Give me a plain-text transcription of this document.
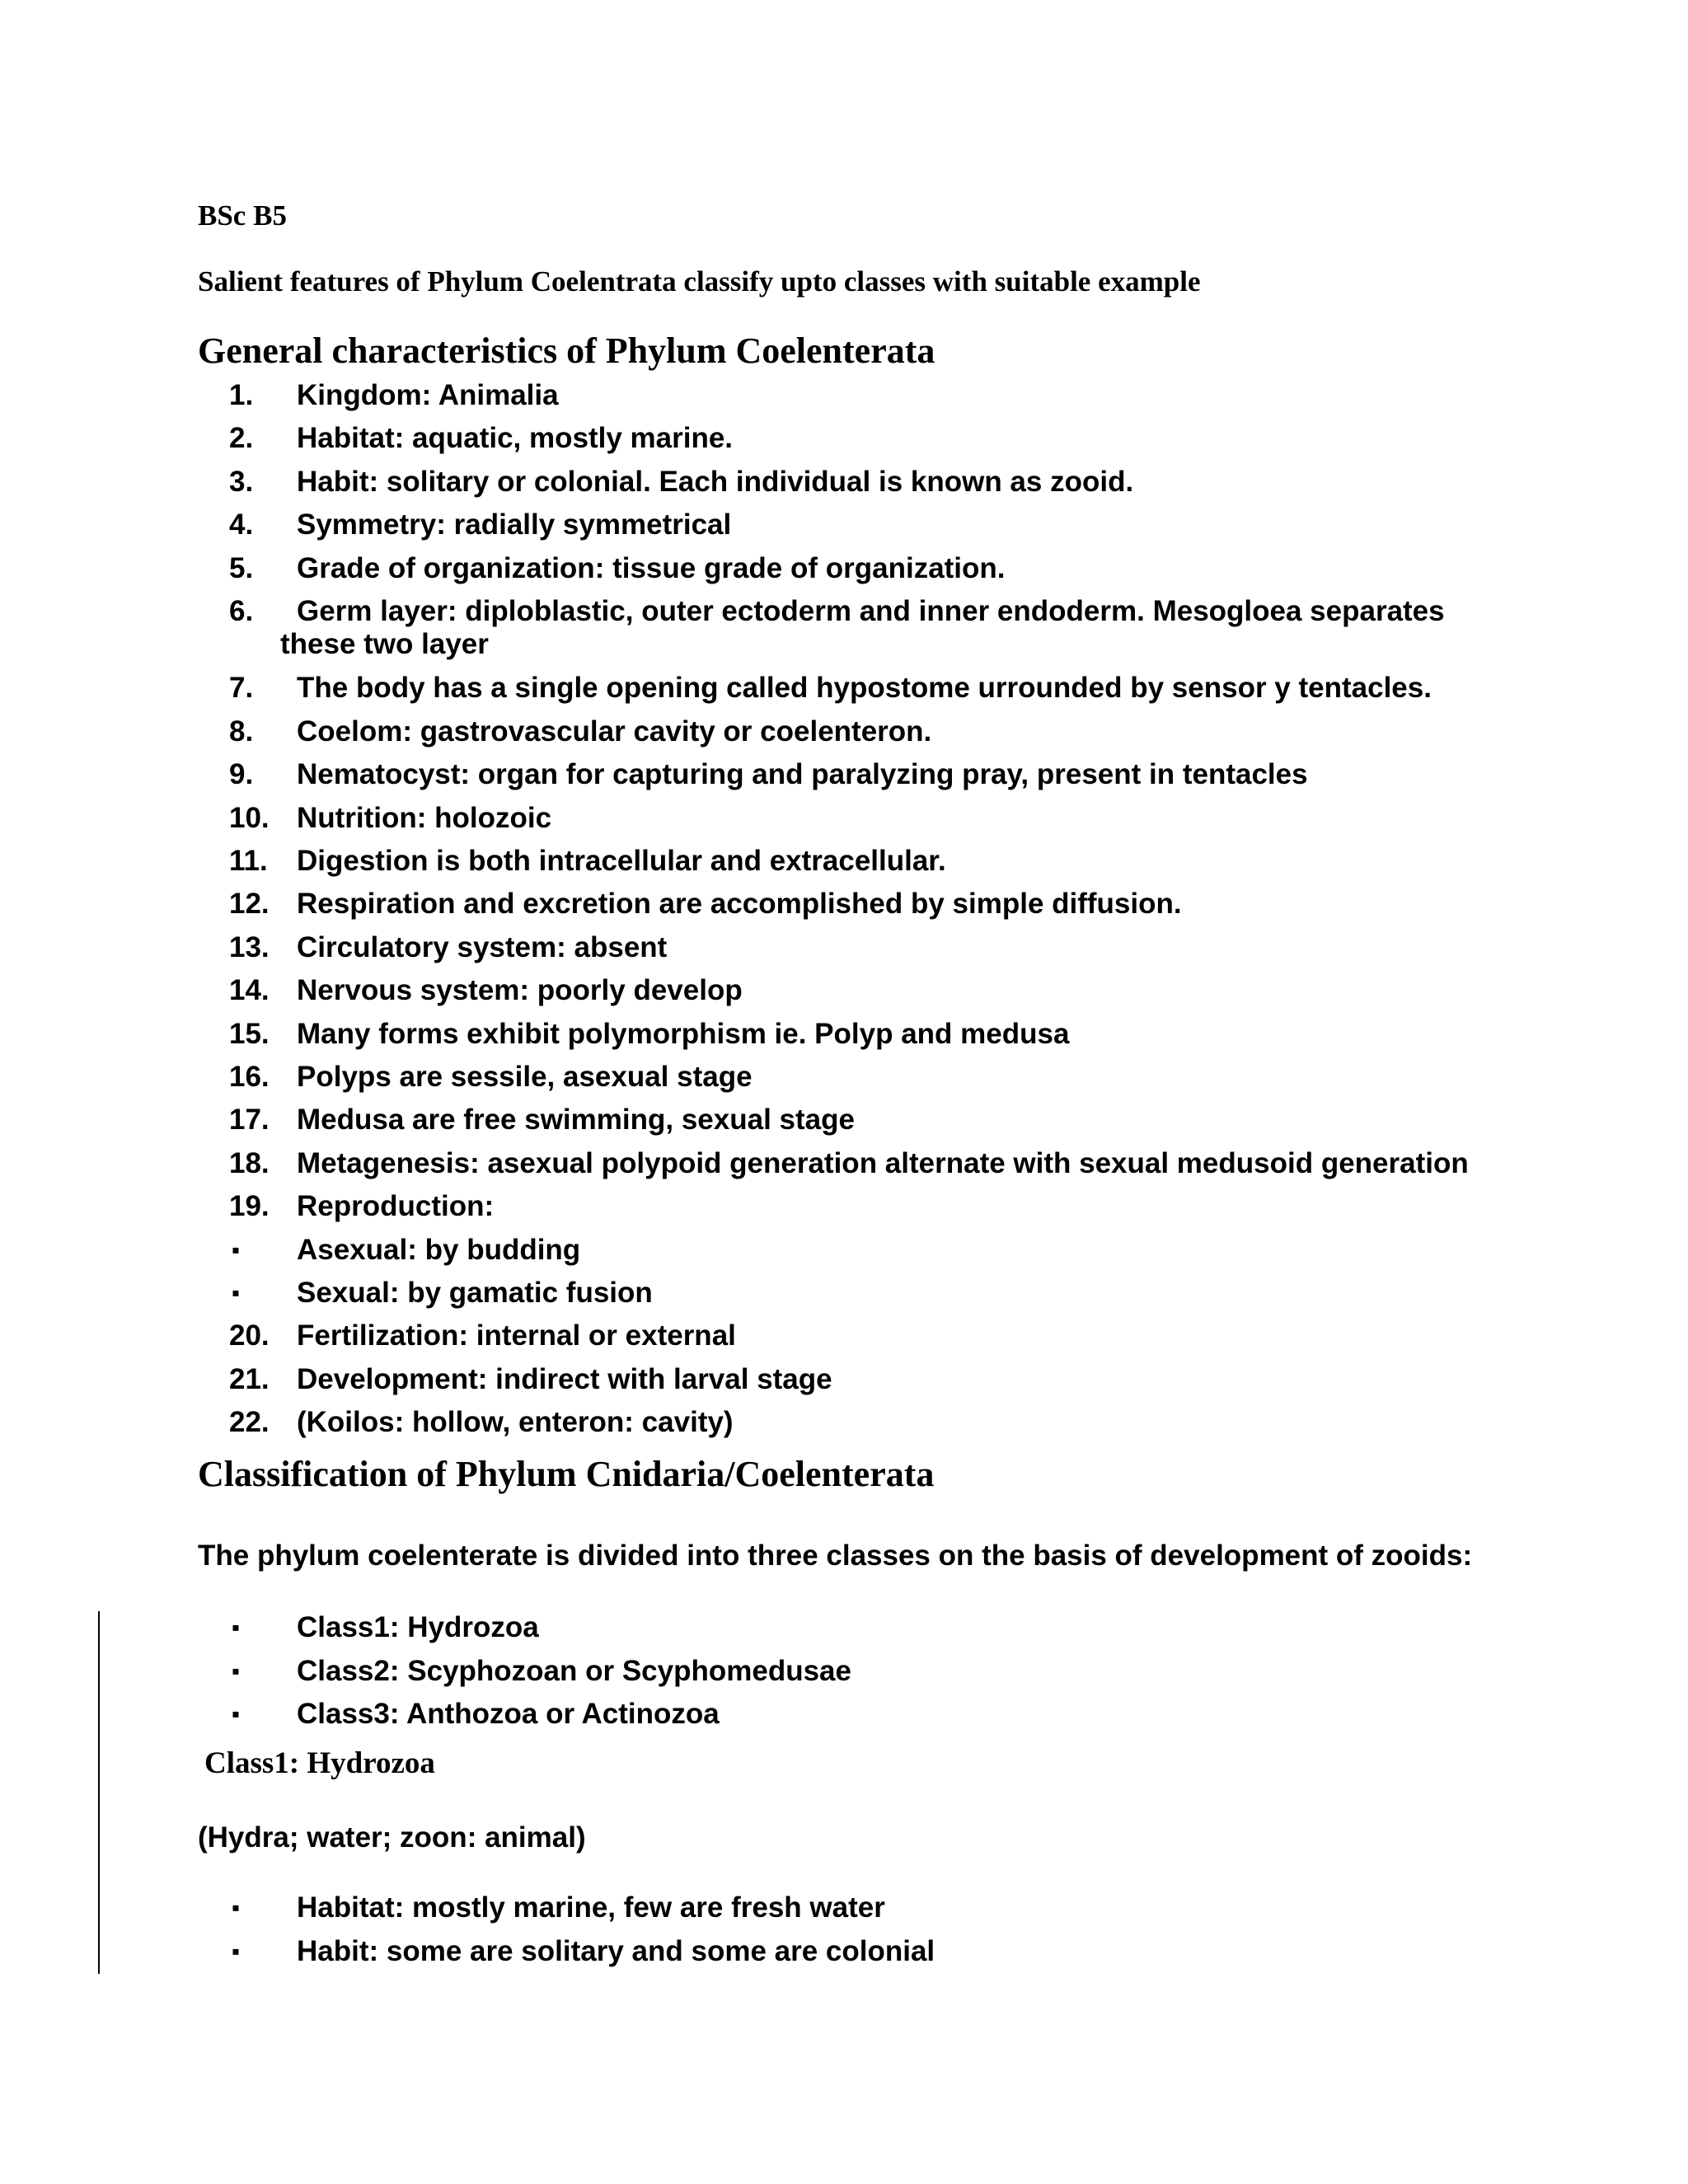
BSc B5
Salient features of Phylum Coelentrata classify upto classes with suitable example
General characteristics of Phylum Coelenterata
1.	Kingdom: Animalia
2.	Habitat: aquatic, mostly marine.
3.	Habit: solitary or colonial. Each individual is known as zooid.
4.	Symmetry: radially symmetrical
5.	Grade of organization: tissue grade of organization.
6.	Germ layer: diploblastic, outer ectoderm and inner endoderm. Mesogloea separates
these two layer
7.	The body has a single opening called hypostome urrounded by sensor y tentacles.
8.	Coelom: gastrovascular cavity or coelenteron.
9.	Nematocyst: organ for capturing and paralyzing pray, present in tentacles
10. Nutrition: holozoic
11.	Digestion is both intracellular and extracellular.
12. Respiration and excretion are accomplished by simple diffusion.
13. Circulatory system: absent
14. Nervous system: poorly develop
15. Many forms exhibit polymorphism ie. Polyp and medusa
16. Polyps are sessile, asexual stage
17. Medusa are free swimming, sexual stage
18. Metagenesis: asexual polypoid generation alternate with sexual medusoid generation
19. Reproduction:
▪ Asexual: by budding
▪ Sexual: by gamatic fusion
20. Fertilization: internal or external
21. Development: indirect with larval stage
22. (Koilos: hollow, enteron: cavity)
Classification of Phylum Cnidaria/Coelenterata
The phylum coelenterate is divided into three classes on the basis of development of zooids:
▪ Class1: Hydrozoa
▪ Class2: Scyphozoan or Scyphomedusae
▪ Class3: Anthozoa or Actinozoa
Class1: Hydrozoa
(Hydra; water; zoon: animal)
▪ Habitat: mostly marine, few are fresh water
▪ Habit: some are solitary and some are colonial
